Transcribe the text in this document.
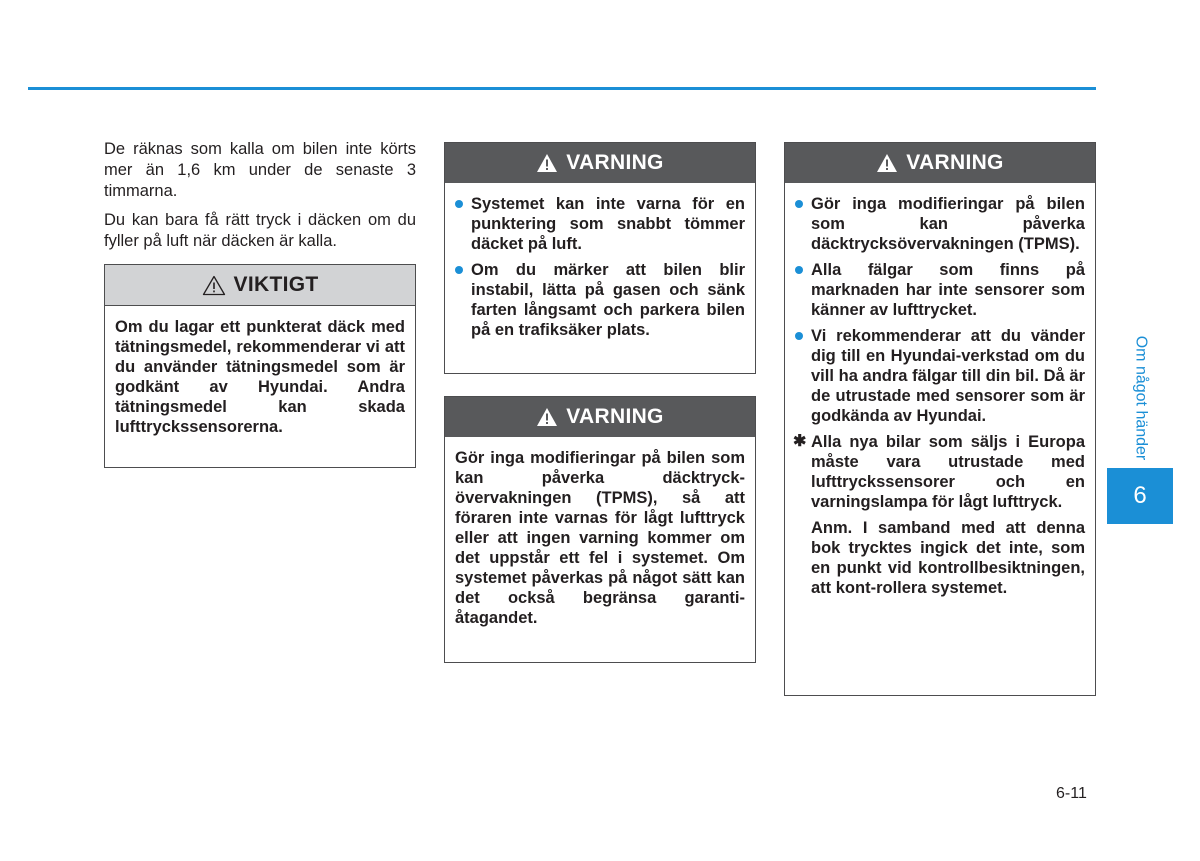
De räknas som kalla om bilen inte körts mer än 1,6 km under de senaste 3 timmarna.

Du kan bara få rätt tryck i däcken om du fyller på luft när däcken är kalla.

VIKTIGT
Om du lagar ett punkterat däck med tätningsmedel, rekommenderar vi att du använder tätningsmedel som är godkänt av Hyundai. Andra tätningsmedel kan skada lufttryckssensorerna.
VARNING
Systemet kan inte varna för en punktering som snabbt tömmer däcket på luft.
Om du märker att bilen blir instabil, lätta på gasen och sänk farten långsamt och parkera bilen på en trafiksäker plats.
VARNING
Gör inga modifieringar på bilen som kan påverka däcktryck-övervakningen (TPMS), så att föraren inte varnas för lågt lufttryck eller att ingen varning kommer om det uppstår ett fel i systemet. Om systemet påverkas på något sätt kan det också begränsa garanti-åtagandet.
VARNING
Gör inga modifieringar på bilen som kan påverka däcktrycksövervakningen (TPMS).
Alla fälgar som finns på marknaden har inte sensorer som känner av lufttrycket.
Vi rekommenderar att du vänder dig till en Hyundai-verkstad om du vill ha andra fälgar till din bil. Då är de utrustade med sensorer som är godkända av Hyundai.
✱ Alla nya bilar som säljs i Europa måste vara utrustade med lufttryckssensorer och en varningslampa för lågt lufttryck.
Anm. I samband med att denna bok trycktes ingick det inte, som en punkt vid kontrollbesiktningen, att kont-rollera systemet.
Om något händer
6
6-11
